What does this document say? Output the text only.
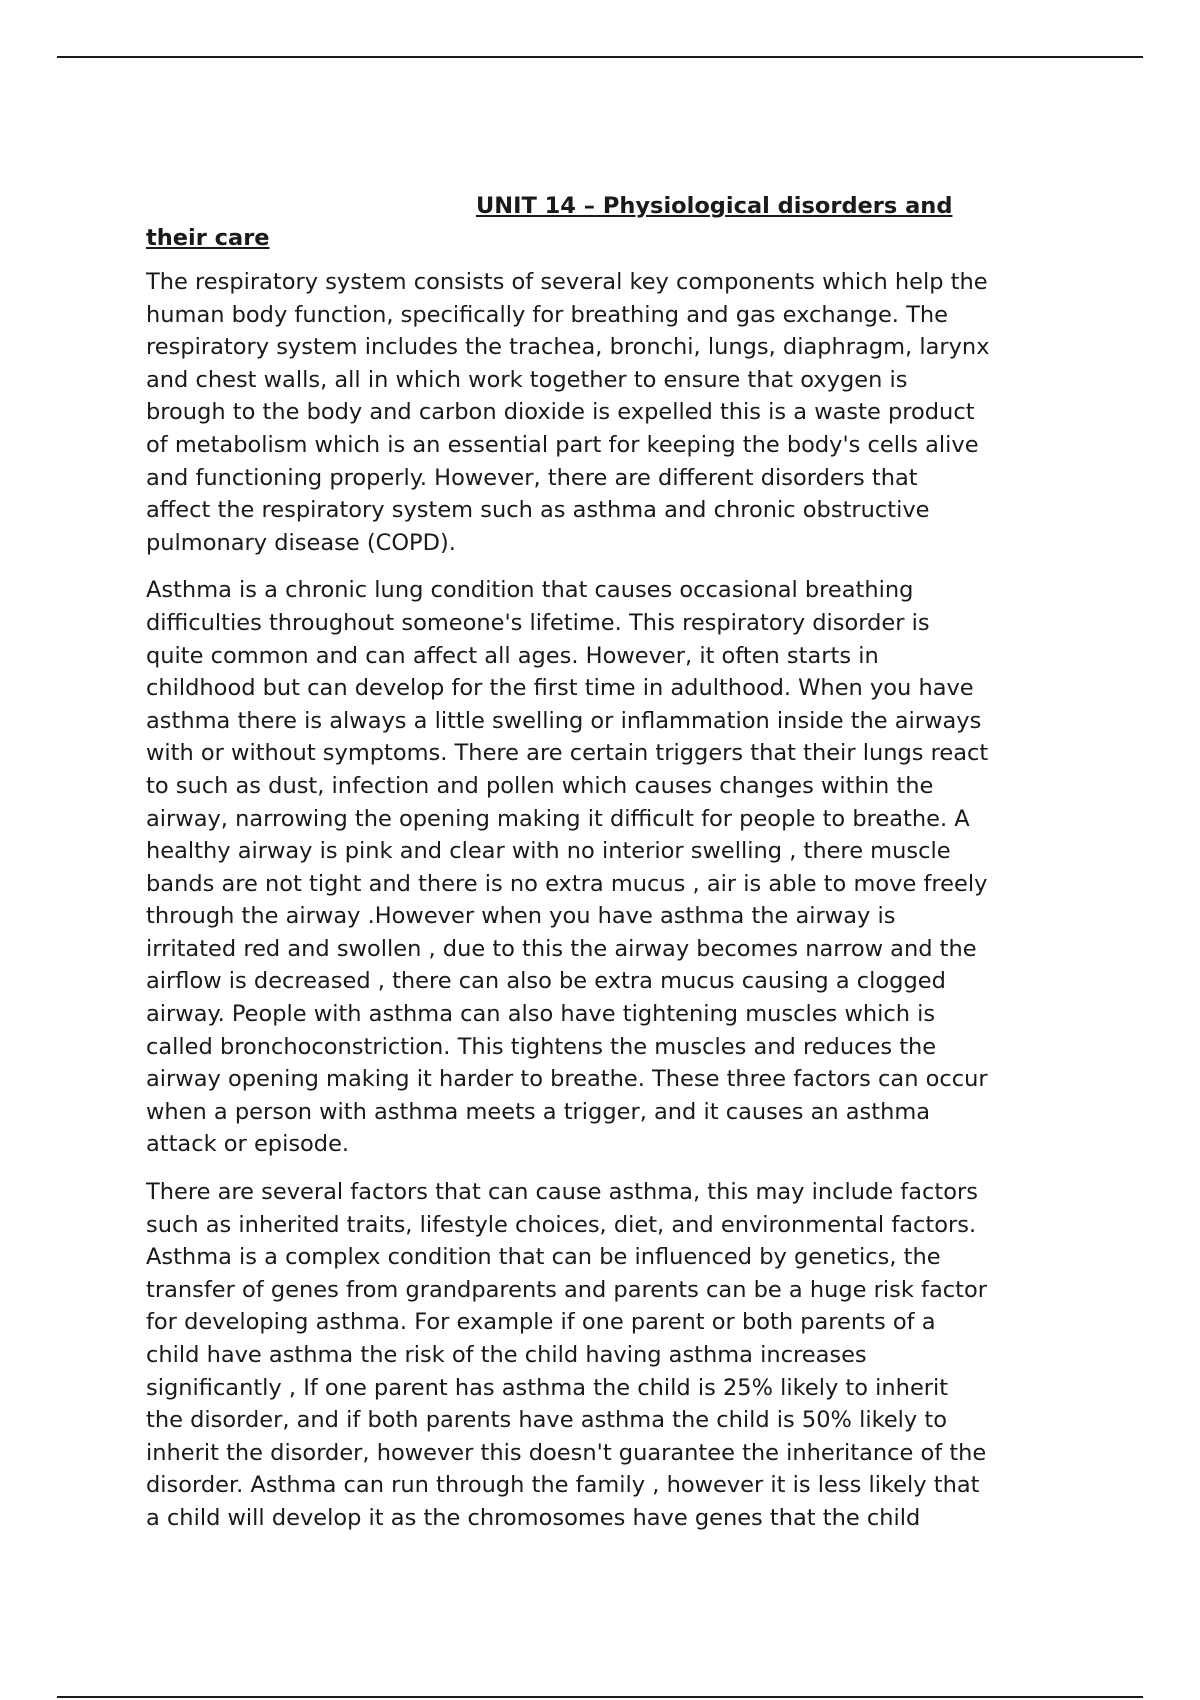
UNIT 14 – Physiological disorders and their care

The respiratory system consists of several key components which help the
human body function, specifically for breathing and gas exchange. The
respiratory system includes the trachea, bronchi, lungs, diaphragm, larynx
and chest walls, all in which work together to ensure that oxygen is
brough to the body and carbon dioxide is expelled this is a waste product
of metabolism which is an essential part for keeping the body's cells alive
and functioning properly. However, there are different disorders that
affect the respiratory system such as asthma and chronic obstructive
pulmonary disease (COPD).

Asthma is a chronic lung condition that causes occasional breathing
difficulties throughout someone's lifetime. This respiratory disorder is
quite common and can affect all ages. However, it often starts in
childhood but can develop for the first time in adulthood. When you have
asthma there is always a little swelling or inflammation inside the airways
with or without symptoms. There are certain triggers that their lungs react
to such as dust, infection and pollen which causes changes within the
airway, narrowing the opening making it difficult for people to breathe. A
healthy airway is pink and clear with no interior swelling , there muscle
bands are not tight and there is no extra mucus , air is able to move freely
through the airway .However when you have asthma the airway is
irritated red and swollen , due to this the airway becomes narrow and the
airflow is decreased , there can also be extra mucus causing a clogged
airway. People with asthma can also have tightening muscles which is
called bronchoconstriction. This tightens the muscles and reduces the
airway opening making it harder to breathe. These three factors can occur
when a person with asthma meets a trigger, and it causes an asthma
attack or episode.

There are several factors that can cause asthma, this may include factors
such as inherited traits, lifestyle choices, diet, and environmental factors.
Asthma is a complex condition that can be influenced by genetics, the
transfer of genes from grandparents and parents can be a huge risk factor
for developing asthma. For example if one parent or both parents of a
child have asthma the risk of the child having asthma increases
significantly , If one parent has asthma the child is 25% likely to inherit
the disorder, and if both parents have asthma the child is 50% likely to
inherit the disorder, however this doesn't guarantee the inheritance of the
disorder. Asthma can run through the family , however it is less likely that
a child will develop it as the chromosomes have genes that the child
